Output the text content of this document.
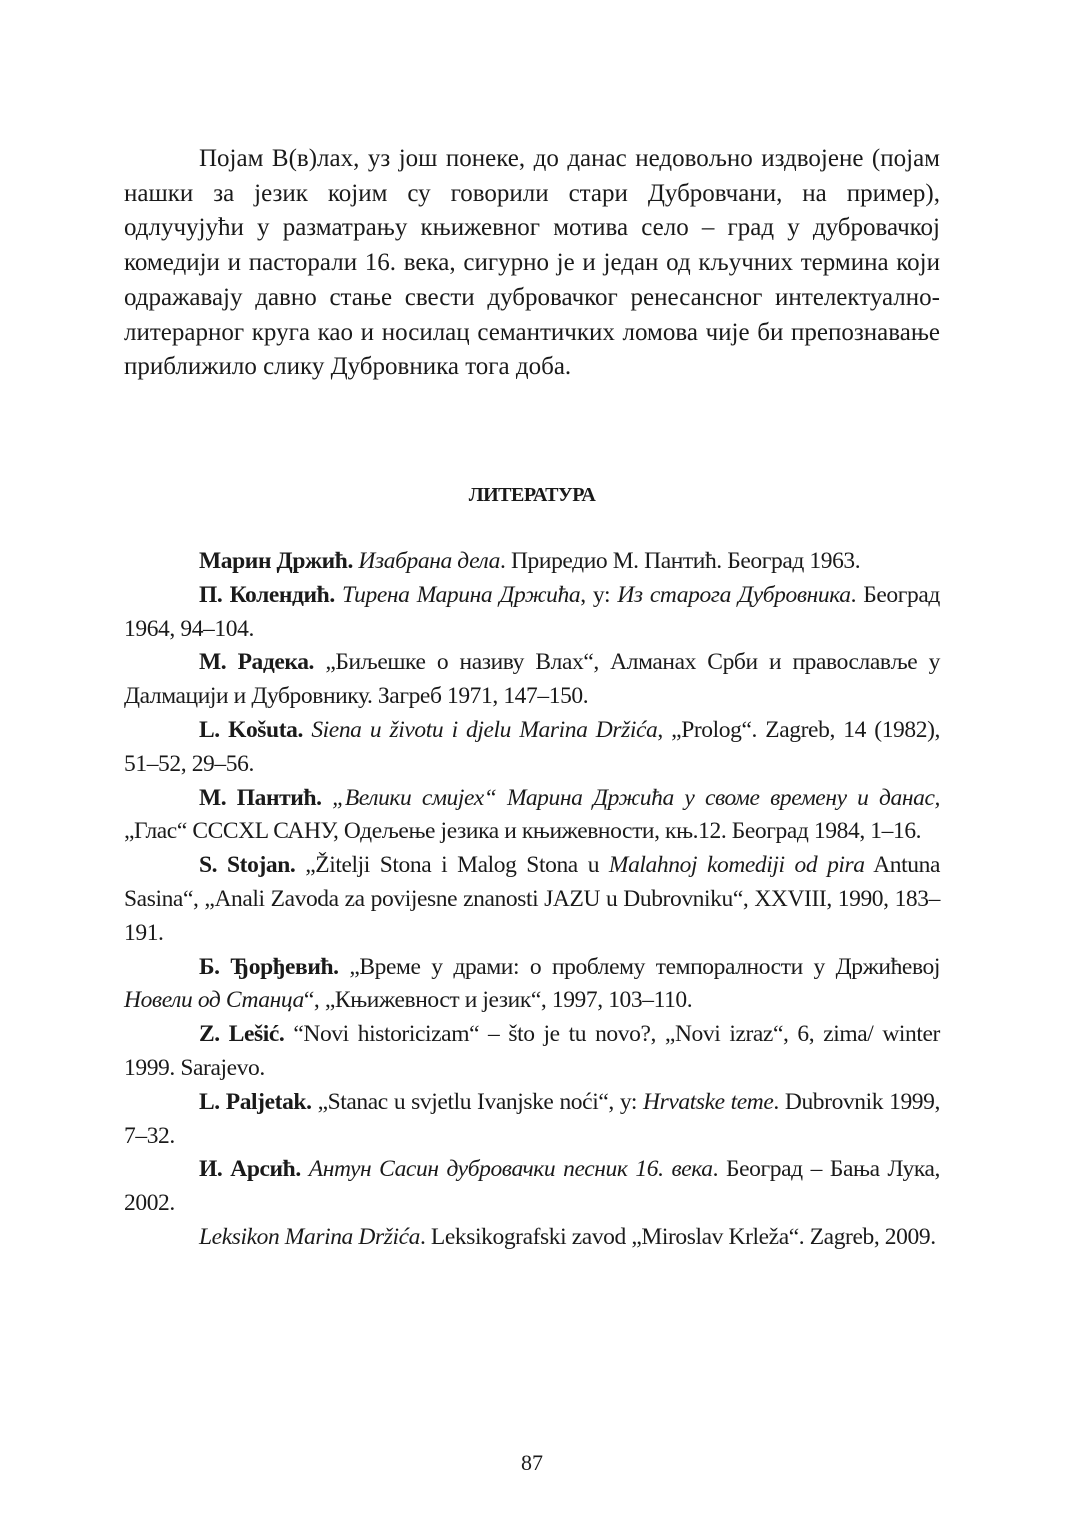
Појам В(в)лах, уз још понеке, до данас недовољно издвојене (појам нашки за језик којим су говорили стари Дубровчани, на пример), одлучујући у разматрању књижевног мотива село – град у дубровачкој комедији и пасторали 16. века, сигурно је и један од кључних термина који одражавају давно стање свести дубровачког ренесансног интелектуално-литерарног круга као и носилац семантичких ломова чије би препознавање приближило слику Дубровника тога доба.

ЛИТЕРАТУРА

Марин Држић. Изабрана дела. Приредио М. Пантић. Београд 1963.

П. Колендић. Тирена Марина Држића, у: Из старога Дубровника. Београд 1964, 94–104.

М. Радека. „Биљешке о називу Влах“, Алманах Срби и православље у Далмацији и Дубровнику. Загреб 1971, 147–150.

L. Košuta. Siena u životu i djelu Marina Držića, „Prolog“. Zagreb, 14 (1982), 51–52, 29–56.

М. Пантић. „Велики смијех“ Марина Држића у своме времену и данас, „Глас“ CCCXL САНУ, Одељење језика и књижевности, књ.12. Београд 1984, 1–16.

S. Stojan. „Žitelji Stona i Malog Stona u Malahnoj komediji od pira Antuna Sasina“, „Anali Zavoda za povijesne znanosti JAZU u Dubrovniku“, XXVIII, 1990, 183–191.

Б. Ђорђевић. „Време у драми: о проблему темпоралности у Држићевој Новели од Станца“, „Књижевност и језик“, 1997, 103–110.

Z. Lešić. “Novi historicizam“ – što je tu novo?, „Novi izraz“, 6, zima/ winter 1999. Sarajevo.

L. Paljetak. „Stanac u svjetlu Ivanjske noći“, у: Hrvatske teme. Dubrovnik 1999, 7–32.

И. Арсић. Антун Сасин дубровачки песник 16. века. Београд – Бања Лука, 2002.

Leksikon Marina Držića. Leksikografski zavod „Miroslav Krleža“. Zagreb, 2009.

87
